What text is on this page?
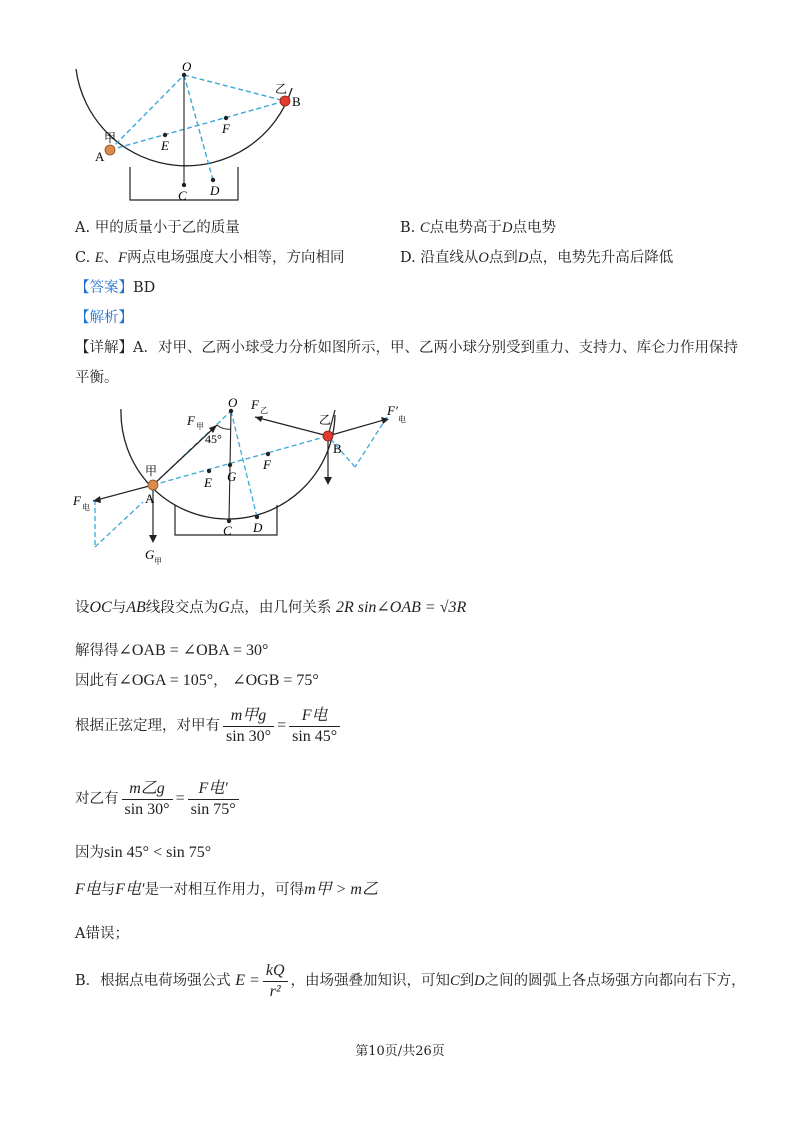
O
B
乙
甲
A
E
F
C D
A. 甲的质量小于乙的质量	B. C点电势高于D点电势
C. E、F两点电场强度大小相等，方向相同	D. 沿直线从O点到D点，电势先升高后降低
【答案】BD
【解析】
【详解】A．对甲、乙两小球受力分析如图所示，甲、乙两小球分别受到重力、支持力、库仑力作用保持
平衡。
O F 乙
F 甲
45°
乙
F′
电
B
甲
A
E G
F
C D
F 电
G 甲
设OC与AB线段交点为G点，由几何关系 2R sin∠OAB = √3R
解得得∠OAB = ∠OBA = 30°
因此有∠OGA = 105°， ∠OGB = 75°
根据正弦定理，对甲有 $\frac{\text{m甲g}}{\sin 30^\circ} = \frac{\text{F电}}{\sin 45^\circ}$
对乙有 $\frac{\text{m乙g}}{\sin 30^\circ} = \frac{\text{F电′}}{\sin 75^\circ}$
因为sin 45° < sin 75°
F电与F电′是一对相互作用力，可得m甲 > m乙
A错误；
B．根据点电荷场强公式 $E = \frac{kQ}{\text{r²}}$ ，由场强叠加知识，可知C到D之间的圆弧上各点场强方向都向右下方，
第10页/共26页
